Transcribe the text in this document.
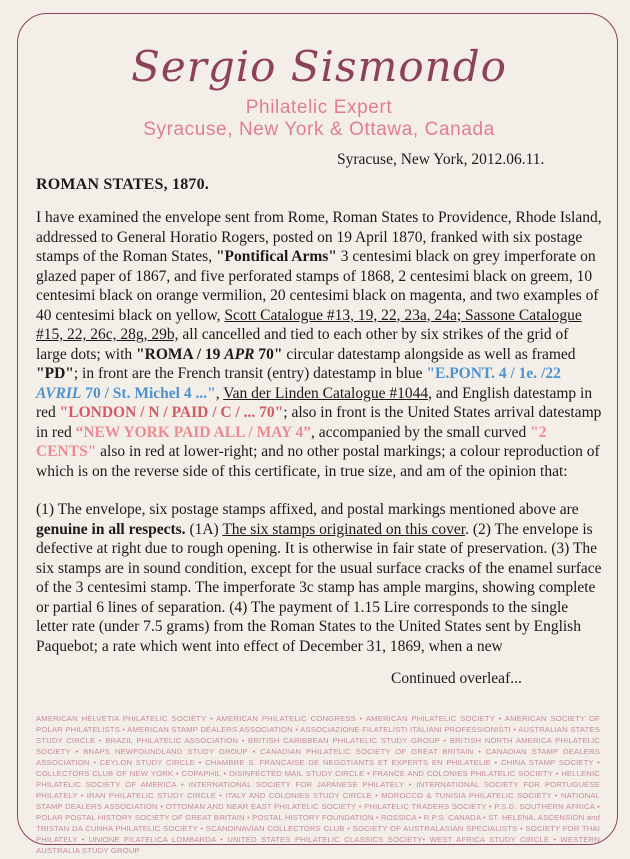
Sergio Sismondo
Philatelic Expert
Syracuse, New York & Ottawa, Canada
Syracuse, New York, 2012.06.11.
ROMAN STATES, 1870.

I have examined the envelope sent from Rome, Roman States to Providence, Rhode Island, addressed to General Horatio Rogers, posted on 19 April 1870, franked with six postage stamps of the Roman States, "Pontifical Arms" 3 centesimi black on grey imperforate on glazed paper of 1867, and five perforated stamps of 1868, 2 centesimi black on greem, 10 centesimi black on orange vermilion, 20 centesimi black on magenta, and two examples of 40 centesimi black on yellow, Scott Catalogue #13, 19, 22, 23a, 24a; Sassone Catalogue #15, 22, 26c, 28g, 29b, all cancelled and tied to each other by six strikes of the grid of large dots; with "ROMA / 19 APR 70" circular datestamp alongside as well as framed "PD"; in front are the French transit (entry) datestamp in blue "E.PONT. 4 / 1e. /22 AVRIL 70 / St. Michel 4 ...", Van der Linden Catalogue #1044, and English datestamp in red "LONDON / N / PAID / C / ... 70"; also in front is the United States arrival datestamp in red “NEW YORK PAID ALL / MAY 4”, accompanied by the small curved "2 CENTS" also in red at lower-right; and no other postal markings; a colour reproduction of which is on the reverse side of this certificate, in true size, and am of the opinion that:

(1) The envelope, six postage stamps affixed, and postal markings mentioned above are genuine in all respects. (1A) The six stamps originated on this cover. (2) The envelope is defective at right due to rough opening. It is otherwise in fair state of preservation. (3) The six stamps are in sound condition, except for the usual surface cracks of the enamel surface of the 3 centesimi stamp. The imperforate 3c stamp has ample margins, showing complete or partial 6 lines of separation. (4) The payment of 1.15 Lire corresponds to the single letter rate (under 7.5 grams) from the Roman States to the United States sent by English Paquebot; a rate which went into effect of December 31, 1869, when a new

Continued overleaf...
AMERICAN HELVETIA PHILATELIC SOCIETY • AMERICAN PHILATELIC CONGRESS • AMERICAN PHILATELIC SOCIETY • AMERICAN SOCIETY OF POLAR PHILATELISTS • AMERICAN STAMP DEALERS ASSOCIATION • ASSOCIAZIONE FILATELISTI ITALIANI PROFESSIONISTI • AUSTRALIAN STATES STUDY CIRCLE • BRAZIL PHILATELIC ASSOCIATION • BRITISH CARIBBEAN PHILATELIC STUDY GROUP • BRITISH NORTH AMERICA PHILATELIC SOCIETY • BNAPS NEWFOUNDLAND STUDY GROUP • CANADIAN PHILATELIC SOCIETY OF GREAT BRITAIN • CANADIAN STAMP DEALERS ASSOCIATION • CEYLON STUDY CIRCLE • CHAMBRE S. FRANCAISE DE NEGOTIANTS ET EXPERTS EN PHILATELIE • CHINA STAMP SOCIETY • COLLECTORS CLUB OF NEW YORK • COPAPHIL • DISINFECTED MAIL STUDY CIRCLE • FRANCE AND COLONIES PHILATELIC SOCIETY • HELLENIC PHILATELIC SOCIETY OF AMERICA • INTERNATIONAL SOCIETY FOR JAPANESE PHILATELY • INTERNATIONAL SOCIETY FOR PORTUGUESE PHILATELY • IRAN PHILATELIC STUDY CIRCLE • ITALY AND COLONIES STUDY CIRCLE • MOROCCO & TUNISIA PHILATELIC SOCIETY • NATIONAL STAMP DEALERS ASSOCIATION • OTTOMAN AND NEAR EAST PHILATELIC SOCIETY • PHILATELIC TRADERS SOCIETY • P.S.G. SOUTHERN AFRICA • POLAR POSTAL HISTORY SOCIETY OF GREAT BRITAIN • POSTAL HISTORY FOUNDATION • ROSSICA • R.P.S. CANADA • ST. HELENA, ASCENSION and TRISTAN DA CUNHA PHILATELIC SOCIETY • SCANDINAVIAN COLLECTORS CLUB • SOCIETY OF AUSTRALASIAN SPECIALISTS • SOCIETY FOR THAI PHILATELY • UNIONE FILATELICA LOMBARDA • UNITED STATES PHILATELIC CLASSICS SOCIETY• WEST AFRICA STUDY CIRCLE • WESTERN AUSTRALIA STUDY GROUP
